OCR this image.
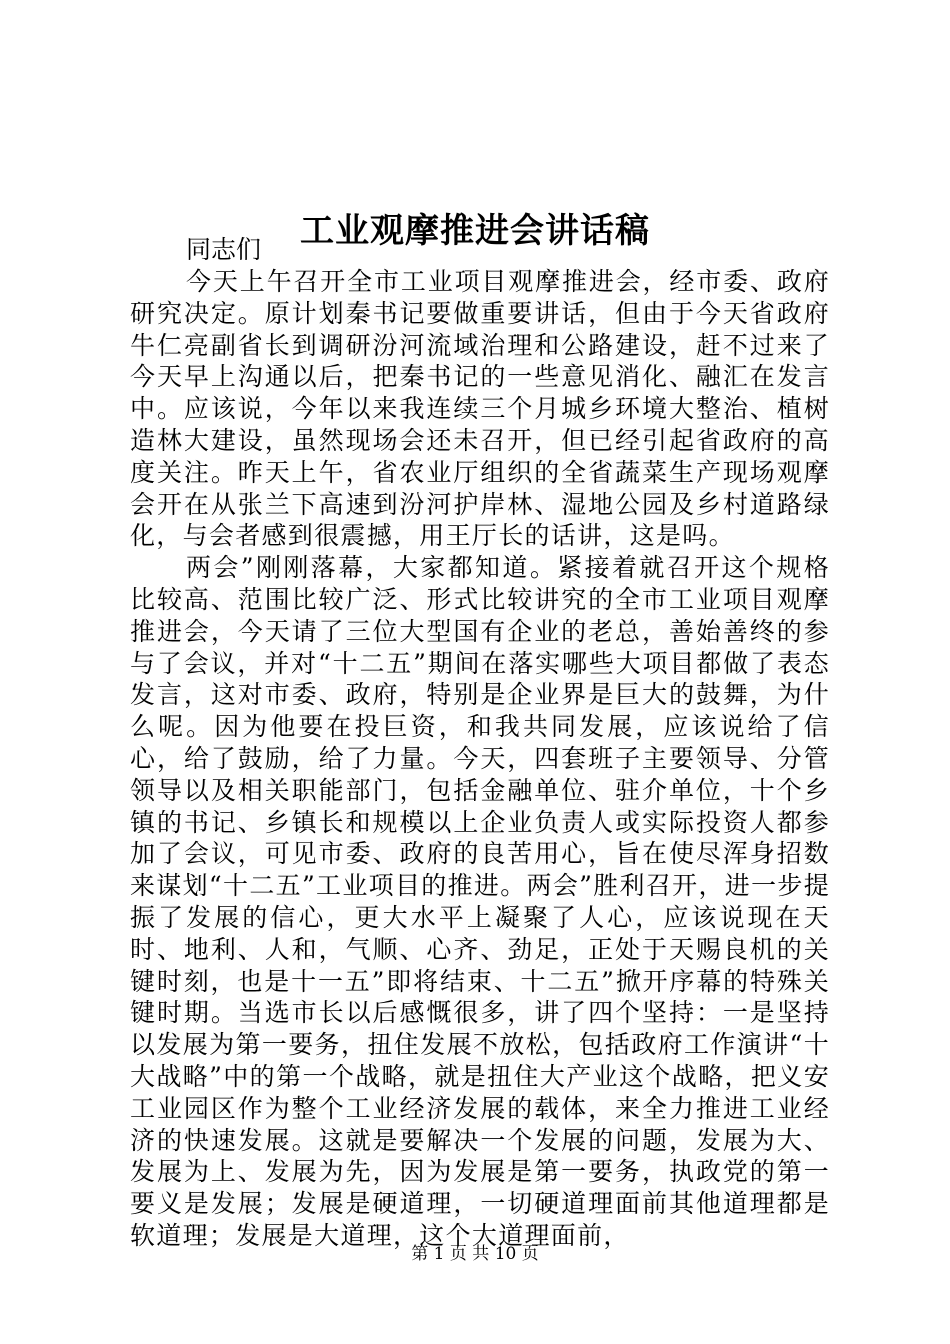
工业观摩推进会讲话稿

同志们

今天上午召开全市工业项目观摩推进会，经市委、政府研究决定。原计划秦书记要做重要讲话，但由于今天省政府牛仁亮副省长到调研汾河流域治理和公路建设，赶不过来了今天早上沟通以后，把秦书记的一些意见消化、融汇在发言中。应该说，今年以来我连续三个月城乡环境大整治、植树造林大建设，虽然现场会还未召开，但已经引起省政府的高度关注。昨天上午，省农业厅组织的全省蔬菜生产现场观摩会开在从张兰下高速到汾河护岸林、湿地公园及乡村道路绿化，与会者感到很震撼，用王厅长的话讲，这是吗。

两会”刚刚落幕，大家都知道。紧接着就召开这个规格比较高、范围比较广泛、形式比较讲究的全市工业项目观摩推进会，今天请了三位大型国有企业的老总，善始善终的参与了会议，并对“十二五”期间在落实哪些大项目都做了表态发言，这对市委、政府，特别是企业界是巨大的鼓舞，为什么呢。因为他要在投巨资，和我共同发展，应该说给了信心，给了鼓励，给了力量。今天，四套班子主要领导、分管领导以及相关职能部门，包括金融单位、驻介单位，十个乡镇的书记、乡镇长和规模以上企业负责人或实际投资人都参加了会议，可见市委、政府的良苦用心，旨在使尽浑身招数来谋划“十二五”工业项目的推进。两会”胜利召开，进一步提振了发展的信心，更大水平上凝聚了人心，应该说现在天时、地利、人和，气顺、心齐、劲足，正处于天赐良机的关键时刻，也是十一五”即将结束、十二五”掀开序幕的特殊关键时期。当选市长以后感慨很多，讲了四个坚持：一是坚持以发展为第一要务，扭住发展不放松，包括政府工作演讲“十大战略”中的第一个战略，就是扭住大产业这个战略，把义安工业园区作为整个工业经济发展的载体，来全力推进工业经济的快速发展。这就是要解决一个发展的问题，发展为大、发展为上、发展为先，因为发展是第一要务，执政党的第一要义是发展；发展是硬道理，一切硬道理面前其他道理都是软道理；发展是大道理，这个大道理面前，

第 1 页 共 10 页
